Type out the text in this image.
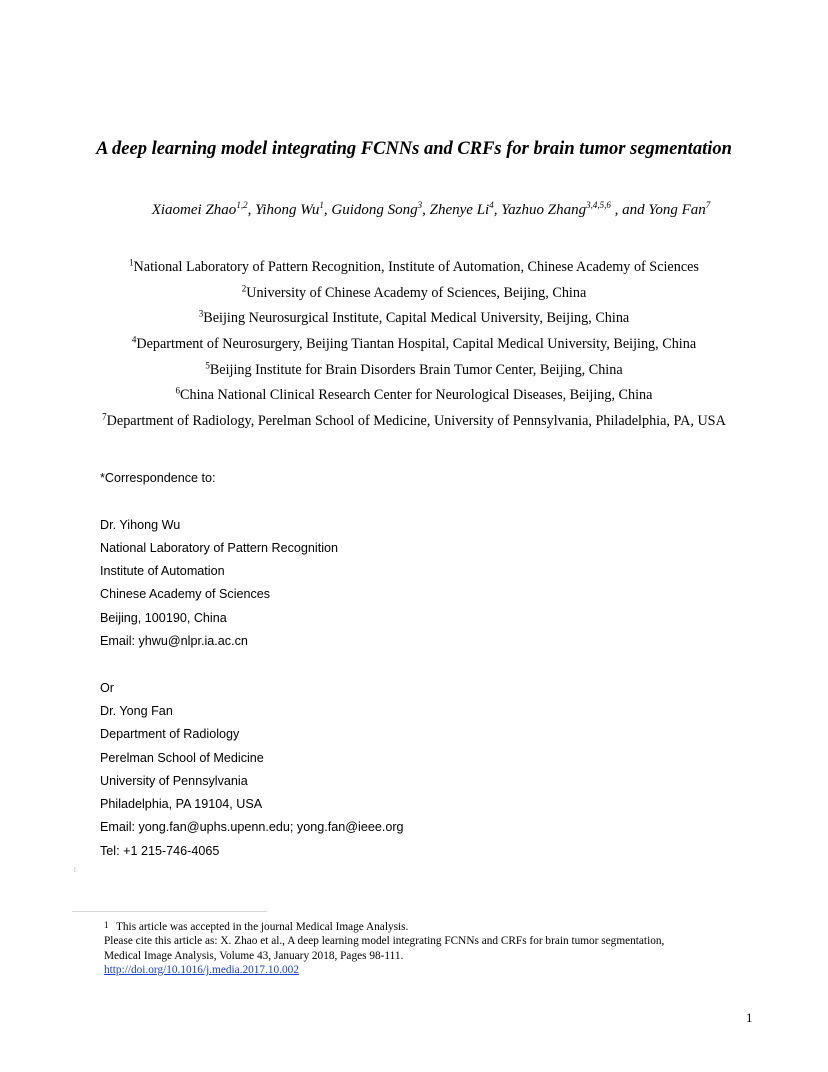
A deep learning model integrating FCNNs and CRFs for brain tumor segmentation
Xiaomei Zhao$^{1,2}$, Yihong Wu$^1$, Guidong Song$^3$, Zhenye Li$^4$, Yazhuo Zhang$^{3,4,5,6}$ , and Yong Fan$^7$
$^1$National Laboratory of Pattern Recognition, Institute of Automation, Chinese Academy of Sciences
$^2$University of Chinese Academy of Sciences, Beijing, China
$^3$Beijing Neurosurgical Institute, Capital Medical University, Beijing, China
$^4$Department of Neurosurgery, Beijing Tiantan Hospital, Capital Medical University, Beijing, China
$^5$Beijing Institute for Brain Disorders Brain Tumor Center, Beijing, China
$^6$China National Clinical Research Center for Neurological Diseases, Beijing, China
$^7$Department of Radiology, Perelman School of Medicine, University of Pennsylvania, Philadelphia, PA, USA
*Correspondence to:
Dr. Yihong Wu
National Laboratory of Pattern Recognition
Institute of Automation
Chinese Academy of Sciences
Beijing, 100190, China
Email: yhwu@nlpr.ia.ac.cn
Or
Dr. Yong Fan
Department of Radiology
Perelman School of Medicine
University of Pennsylvania
Philadelphia, PA 19104, USA
Email: yong.fan@uphs.upenn.edu; yong.fan@ieee.org
Tel: +1 215-746-4065
1
1 This article was accepted in the journal Medical Image Analysis.
Please cite this article as: X. Zhao et al., A deep learning model integrating FCNNs and CRFs for brain tumor segmentation,
Medical Image Analysis, Volume 43, January 2018, Pages 98-111.
http://doi.org/10.1016/j.media.2017.10.002
1
